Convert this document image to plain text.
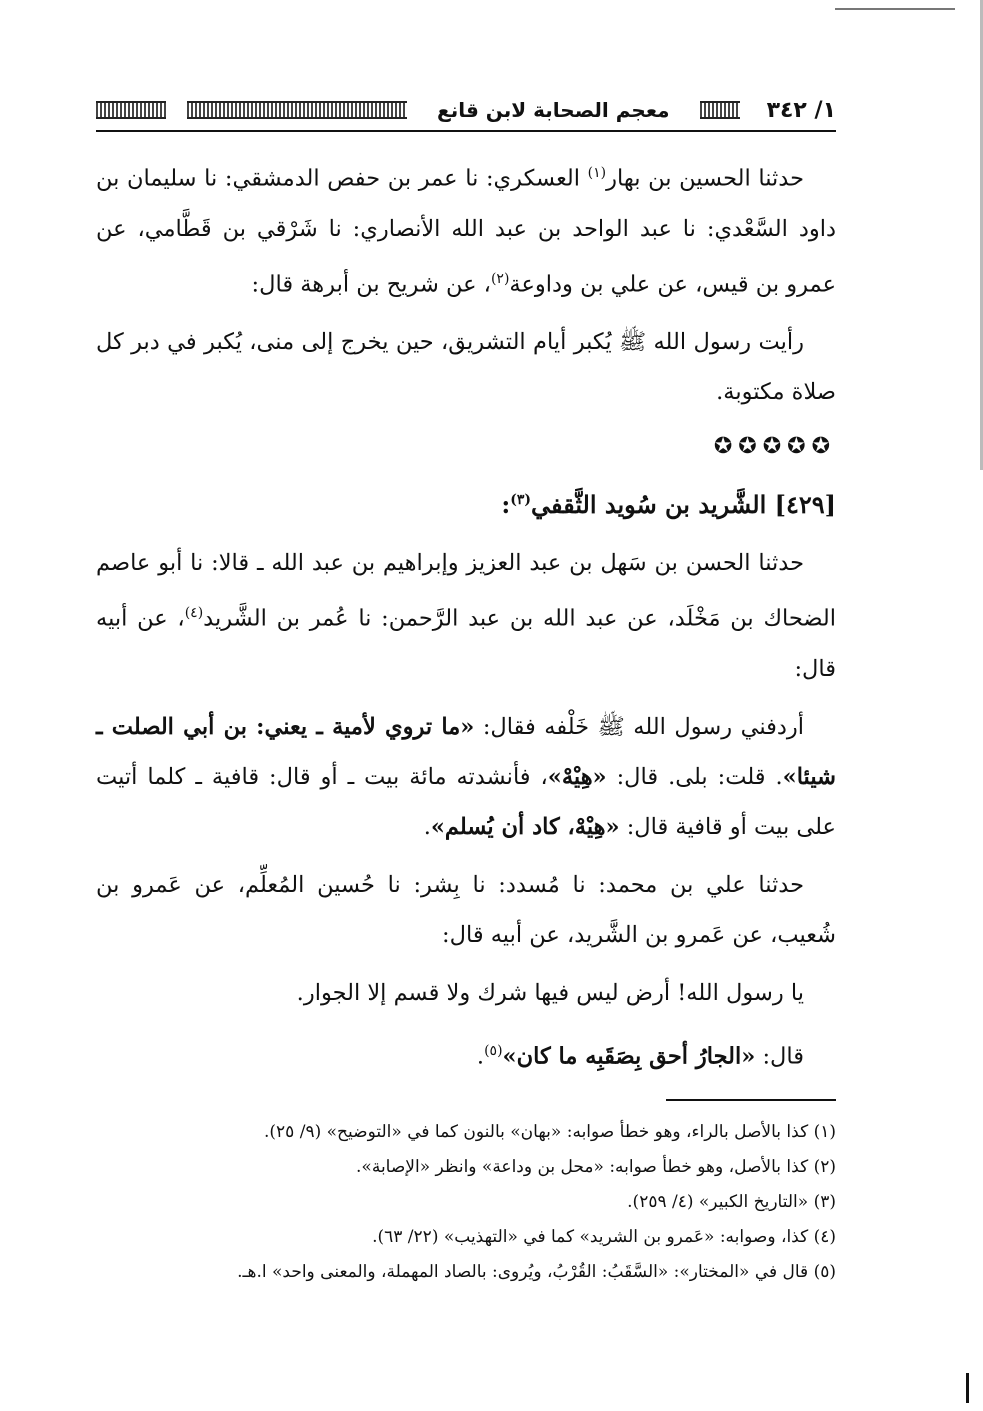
١/ ٣٤٢
معجم الصحابة لابن قانع

حدثنا الحسين بن بهار$^{(١)}$ العسكري: نا عمر بن حفص الدمشقي: نا سليمان بن داود السَّعْدي: نا عبد الواحد بن عبد الله الأنصاري: نا شَرْقي بن قَطَّامي، عن عمرو بن قيس، عن علي بن وداوعة$^{(٢)}$، عن شريح بن أبرهة قال:

رأيت رسول الله ﷺ يُكبر أيام التشريق، حين يخرج إلى منى، يُكبر في دبر كل صلاة مكتوبة.

✪✪✪✪✪
[٤٢٩] الشَّريد بن سُويد الثَّقفي$^{(٣)}$:

حدثنا الحسن بن سَهل بن عبد العزيز وإبراهيم بن عبد الله ـ قالا: نا أبو عاصم الضحاك بن مَخْلَد، عن عبد الله بن عبد الرَّحمن: نا عُمر بن الشَّريد$^{(٤)}$، عن أبيه قال:

أردفني رسول الله ﷺ خَلْفه فقال: «ما تروي لأمية ـ يعني: بن أبي الصلت ـ شيئا». قلت: بلى. قال: «هِيْهْ»، فأنشدته مائة بيت ـ أو قال: قافية ـ كلما أتيت على بيت أو قافية قال: «هِيْهْ، كاد أن يُسلم».

حدثنا علي بن محمد: نا مُسدد: نا بِشر: نا حُسين المُعلِّم، عن عَمرو بن شُعيب، عن عَمرو بن الشَّريد، عن أبيه قال:

يا رسول الله! أرض ليس فيها شرك ولا قسم إلا الجوار.

قال: «الجارُ أحق بِصَقَبِه ما كان»$^{(٥)}$.

(١) كذا بالأصل بالراء، وهو خطأ صوابه: «بهان» بالنون كما في «التوضيح» (٩/ ٢٥).
(٢) كذا بالأصل، وهو خطأ صوابه: «محل بن وداعة» وانظر «الإصابة».
(٣) «التاريخ الكبير» (٤/ ٢٥٩).
(٤) كذا، وصوابه: «عَمرو بن الشريد» كما في «التهذيب» (٢٢/ ٦٣).
(٥) قال في «المختار»: «السَّقَبُ: القُرْبُ، ويُروى: بالصاد المهملة، والمعنى واحد» ا.هـ.
